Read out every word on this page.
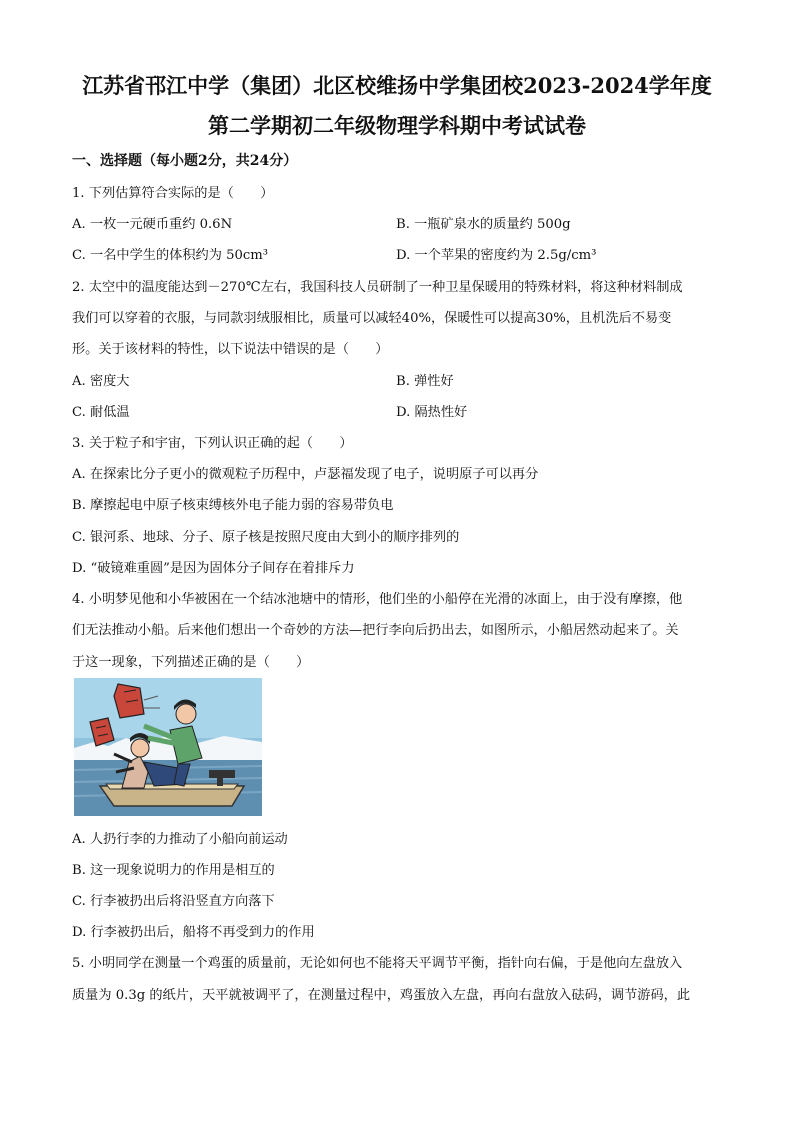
江苏省邗江中学（集团）北区校维扬中学集团校2023-2024学年度
第二学期初二年级物理学科期中考试试卷
一、选择题（每小题2分，共24分）
1. 下列估算符合实际的是（　　）
A. 一枚一元硬币重约 0.6N	B. 一瓶矿泉水的质量约 500g
C. 一名中学生的体积约为 50cm³	D. 一个苹果的密度约为 2.5g/cm³
2. 太空中的温度能达到－270℃左右，我国科技人员研制了一种卫星保暖用的特殊材料，将这种材料制成
我们可以穿着的衣服，与同款羽绒服相比，质量可以减轻40%，保暖性可以提高30%，且机洗后不易变
形。关于该材料的特性，以下说法中错误的是（　　）
A. 密度大	B. 弹性好
C. 耐低温	D. 隔热性好
3. 关于粒子和宇宙，下列认识正确的起（　　）
A. 在探索比分子更小的微观粒子历程中，卢瑟福发现了电子，说明原子可以再分
B. 摩擦起电中原子核束缚核外电子能力弱的容易带负电
C. 银河系、地球、分子、原子核是按照尺度由大到小的顺序排列的
D. “破镜难重圆”是因为固体分子间存在着排斥力
4. 小明梦见他和小华被困在一个结冰池塘中的情形，他们坐的小船停在光滑的冰面上，由于没有摩擦，他
们无法推动小船。后来他们想出一个奇妙的方法—把行李向后扔出去，如图所示，小船居然动起来了。关
于这一现象，下列描述正确的是（　　）
A. 人扔行李的力推动了小船向前运动
B. 这一现象说明力的作用是相互的
C. 行李被扔出后将沿竖直方向落下
D. 行李被扔出后，船将不再受到力的作用
5. 小明同学在测量一个鸡蛋的质量前，无论如何也不能将天平调节平衡，指针向右偏，于是他向左盘放入
质量为 0.3g 的纸片，天平就被调平了，在测量过程中，鸡蛋放入左盘，再向右盘放入砝码，调节游码，此
